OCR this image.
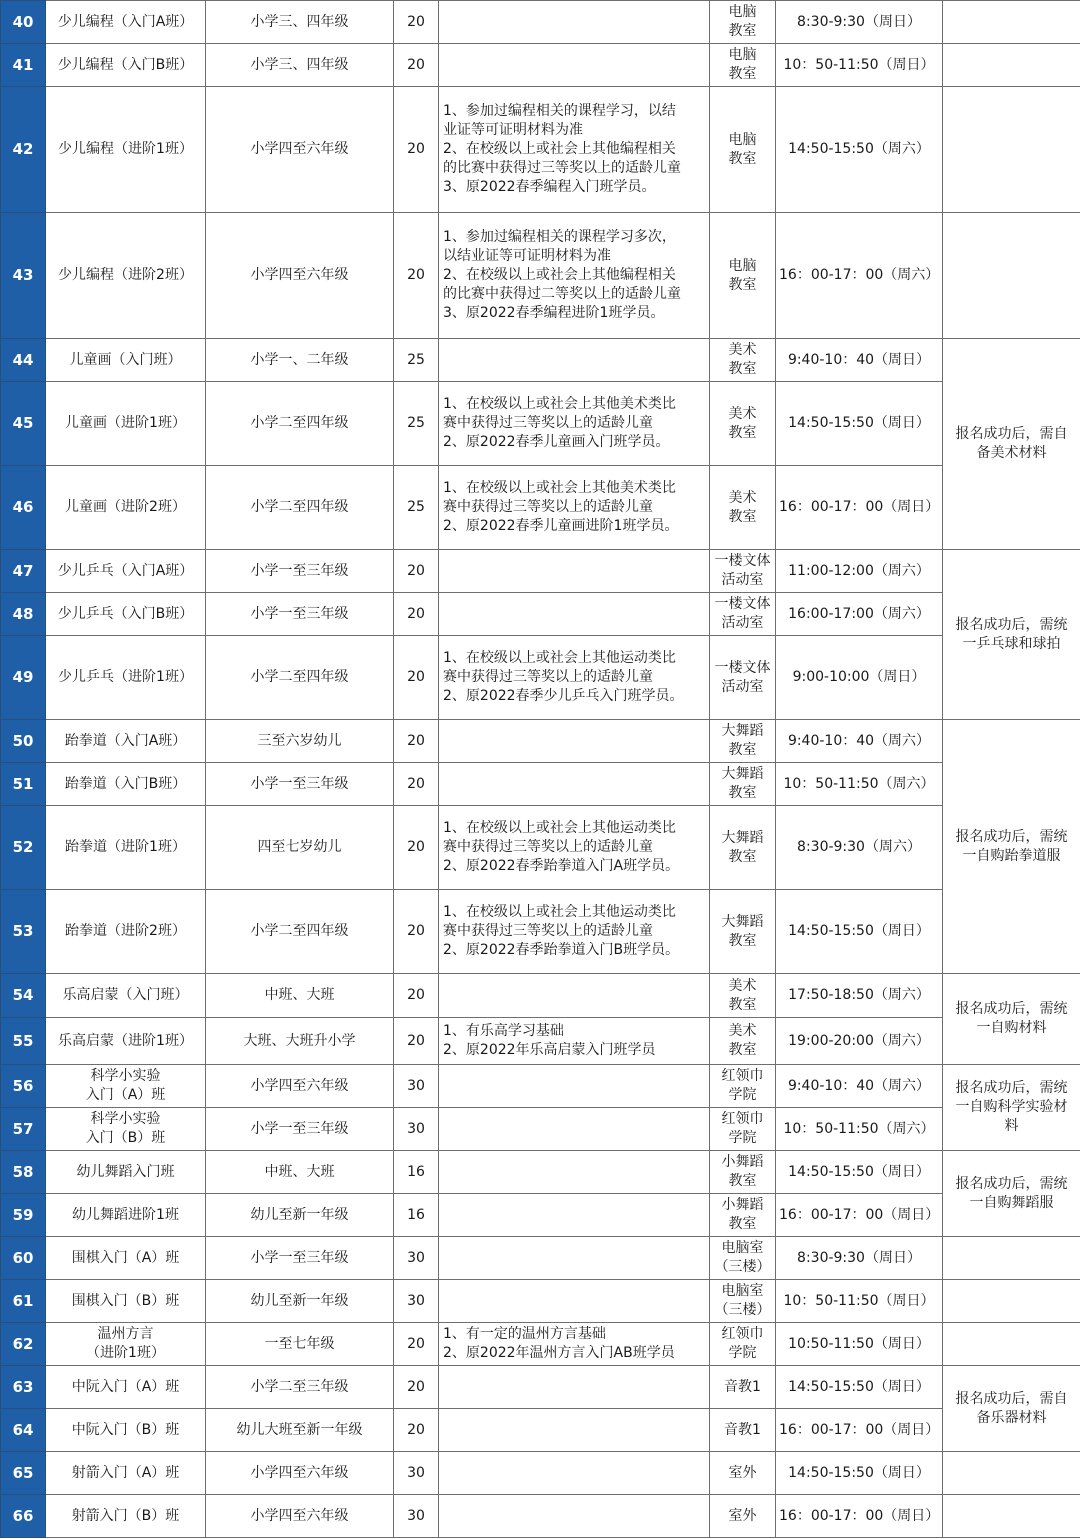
40	少儿编程（入门A班）	小学三、四年级	20		电脑
教室	8:30-9:30（周日）	
41	少儿编程（入门B班）	小学三、四年级	20		电脑
教室	10：50-11:50（周日）	
42	少儿编程（进阶1班）	小学四至六年级	20	1、参加过编程相关的课程学习，以结
业证等可证明材料为准
2、在校级以上或社会上其他编程相关
的比赛中获得过三等奖以上的适龄儿童
3、原2022春季编程入门班学员。	电脑
教室	14:50-15:50（周六）	
43	少儿编程（进阶2班）	小学四至六年级	20	1、参加过编程相关的课程学习多次，
以结业证等可证明材料为准
2、在校级以上或社会上其他编程相关
的比赛中获得过二等奖以上的适龄儿童
3、原2022春季编程进阶1班学员。	电脑
教室	16：00-17：00（周六）	
44	儿童画（入门班）	小学一、二年级	25		美术
教室	9:40-10：40（周日）	报名成功后，需自
备美术材料
45	儿童画（进阶1班）	小学二至四年级	25	1、在校级以上或社会上其他美术类比
赛中获得过三等奖以上的适龄儿童
2、原2022春季儿童画入门班学员。	美术
教室	14:50-15:50（周日）	
46	儿童画（进阶2班）	小学二至四年级	25	1、在校级以上或社会上其他美术类比
赛中获得过三等奖以上的适龄儿童
2、原2022春季儿童画进阶1班学员。	美术
教室	16：00-17：00（周日）	
47	少儿乒乓（入门A班）	小学一至三年级	20		一楼文体
活动室	11:00-12:00（周六）	报名成功后，需统
一乒乓球和球拍
48	少儿乒乓（入门B班）	小学一至三年级	20		一楼文体
活动室	16:00-17:00（周六）	
49	少儿乒乓（进阶1班）	小学二至四年级	20	1、在校级以上或社会上其他运动类比
赛中获得过三等奖以上的适龄儿童
2、原2022春季少儿乒乓入门班学员。	一楼文体
活动室	9:00-10:00（周日）	
50	跆拳道（入门A班）	三至六岁幼儿	20		大舞蹈
教室	9:40-10：40（周六）	报名成功后，需统
一自购跆拳道服
51	跆拳道（入门B班）	小学一至三年级	20		大舞蹈
教室	10：50-11:50（周六）	
52	跆拳道（进阶1班）	四至七岁幼儿	20	1、在校级以上或社会上其他运动类比
赛中获得过三等奖以上的适龄儿童
2、原2022春季跆拳道入门A班学员。	大舞蹈
教室	8:30-9:30（周六）	
53	跆拳道（进阶2班）	小学二至四年级	20	1、在校级以上或社会上其他运动类比
赛中获得过三等奖以上的适龄儿童
2、原2022春季跆拳道入门B班学员。	大舞蹈
教室	14:50-15:50（周日）	
54	乐高启蒙（入门班）	中班、大班	20		美术
教室	17:50-18:50（周六）	报名成功后，需统
一自购材料
55	乐高启蒙（进阶1班）	大班、大班升小学	20	1、有乐高学习基础
2、原2022年乐高启蒙入门班学员	美术
教室	19:00-20:00（周六）	
56	科学小实验
入门（A）班	小学四至六年级	30		红领巾
学院	9:40-10：40（周六）	报名成功后，需统
一自购科学实验材
料
57	科学小实验
入门（B）班	小学一至三年级	30		红领巾
学院	10：50-11:50（周六）	
58	幼儿舞蹈入门班	中班、大班	16		小舞蹈
教室	14:50-15:50（周日）	报名成功后，需统
一自购舞蹈服
59	幼儿舞蹈进阶1班	幼儿至新一年级	16		小舞蹈
教室	16：00-17：00（周日）	
60	围棋入门（A）班	小学一至三年级	30		电脑室
（三楼）	8:30-9:30（周日）	
61	围棋入门（B）班	幼儿至新一年级	30		电脑室
（三楼）	10：50-11:50（周日）	
62	温州方言
（进阶1班）	一至七年级	20	1、有一定的温州方言基础
2、原2022年温州方言入门AB班学员	红领巾
学院	10:50-11:50（周日）	
63	中阮入门（A）班	小学二至三年级	20		音教1	14:50-15:50（周日）	报名成功后，需自
备乐器材料
64	中阮入门（B）班	幼儿大班至新一年级	20		音教1	16：00-17：00（周日）	
65	射箭入门（A）班	小学四至六年级	30		室外	14:50-15:50（周日）	
66	射箭入门（B）班	小学四至六年级	30		室外	16：00-17：00（周日）	
